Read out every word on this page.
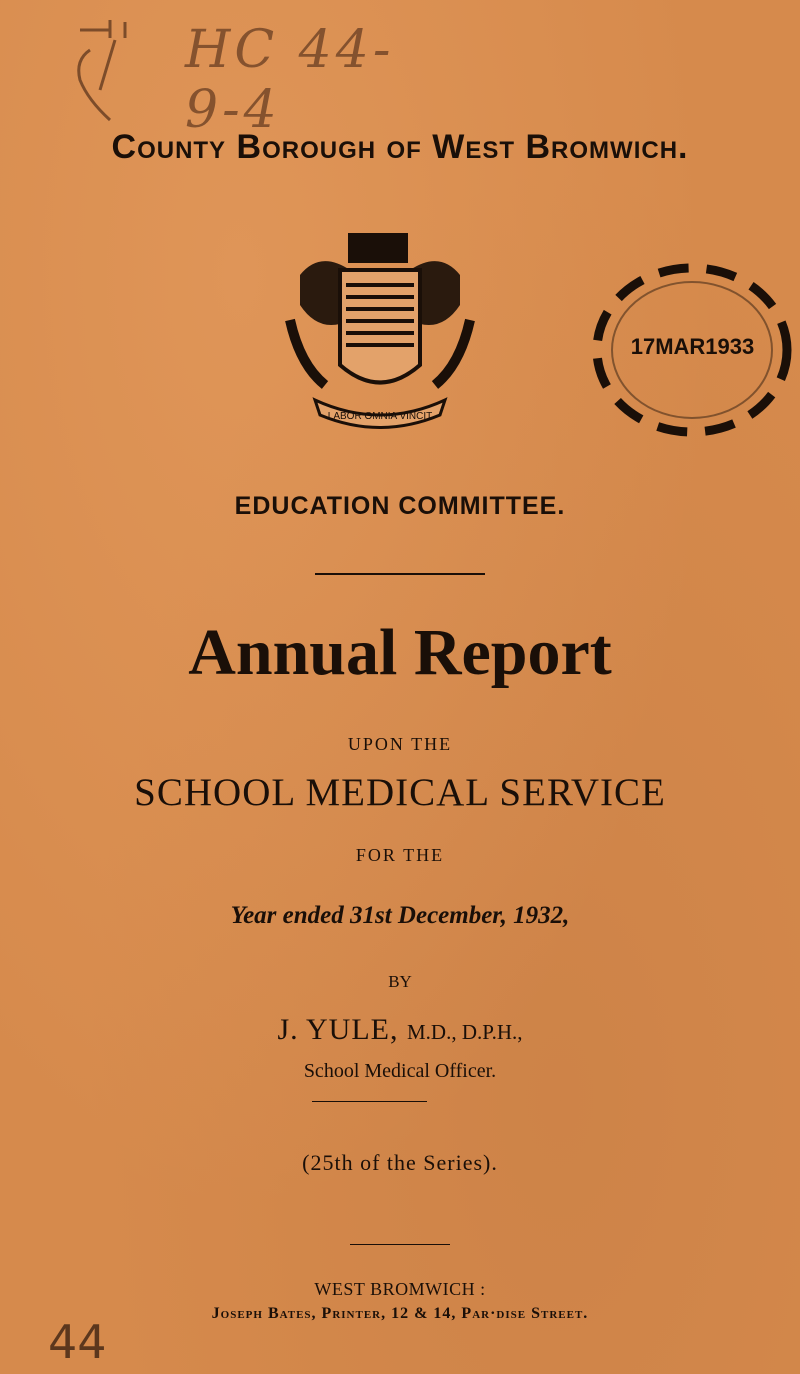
HC 44-9-4

County Borough of West Bromwich.
LABOR OMNIA VINCIT
17MAR1933
EDUCATION COMMITTEE.
Annual Report
UPON THE
SCHOOL MEDICAL SERVICE
FOR THE
Year ended 31st December, 1932,
BY
J. YULE, M.D., D.P.H.,
School Medical Officer.
(25th of the Series).
WEST BROMWICH :
Joseph Bates, Printer, 12 & 14, Par·dise Street.
44
